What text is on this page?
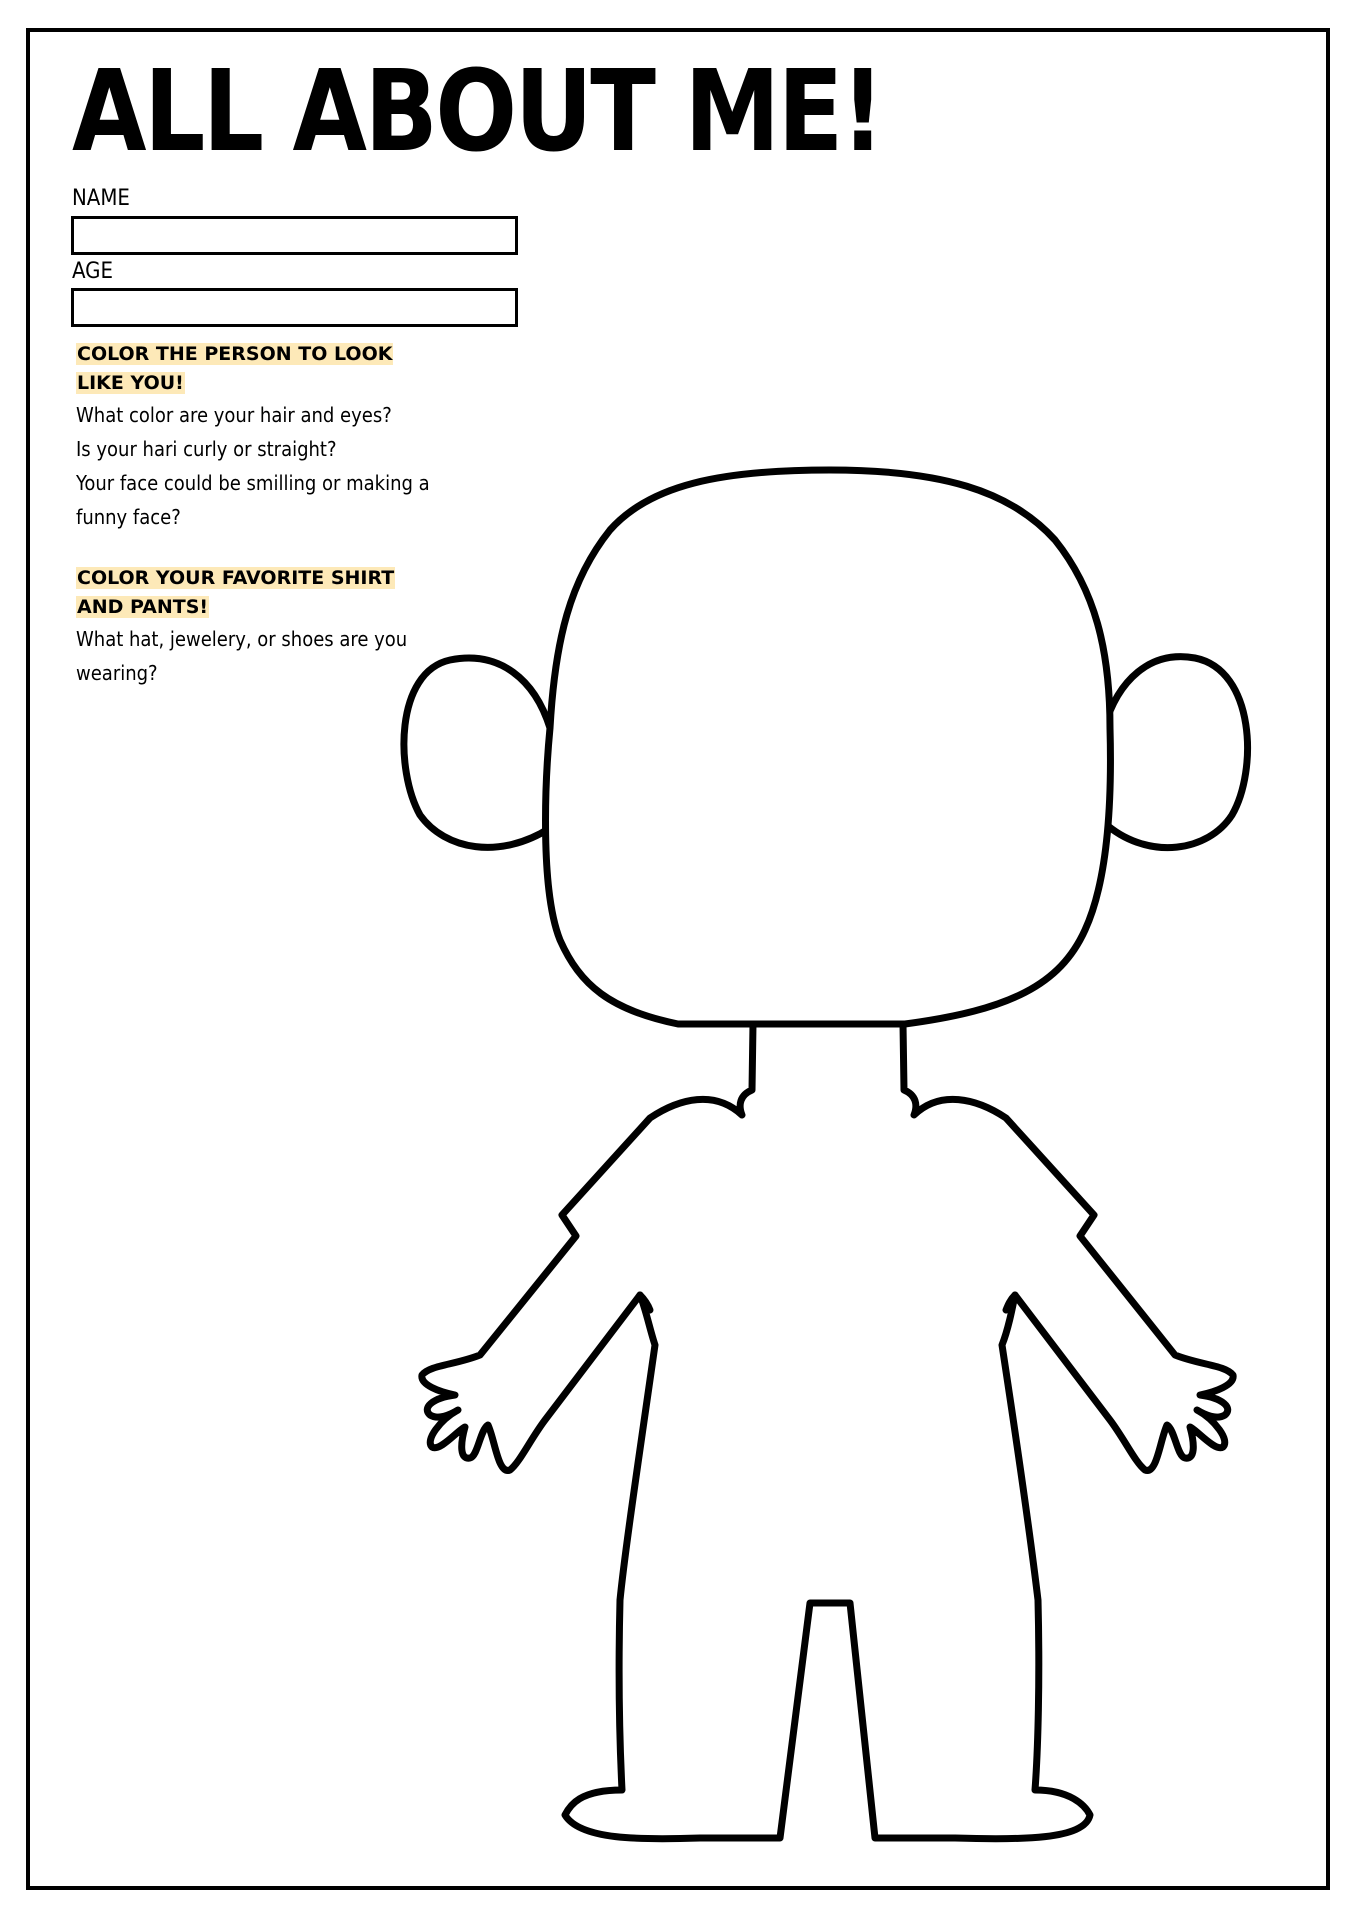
ALL ABOUT ME!
NAME
AGE
COLOR THE PERSON TO LOOK LIKE YOU!
What color are your hair and eyes?
Is your hari curly or straight?
Your face could be smilling or making a funny face?
COLOR YOUR FAVORITE SHIRT AND PANTS!
What hat, jewelery, or shoes are you wearing?
